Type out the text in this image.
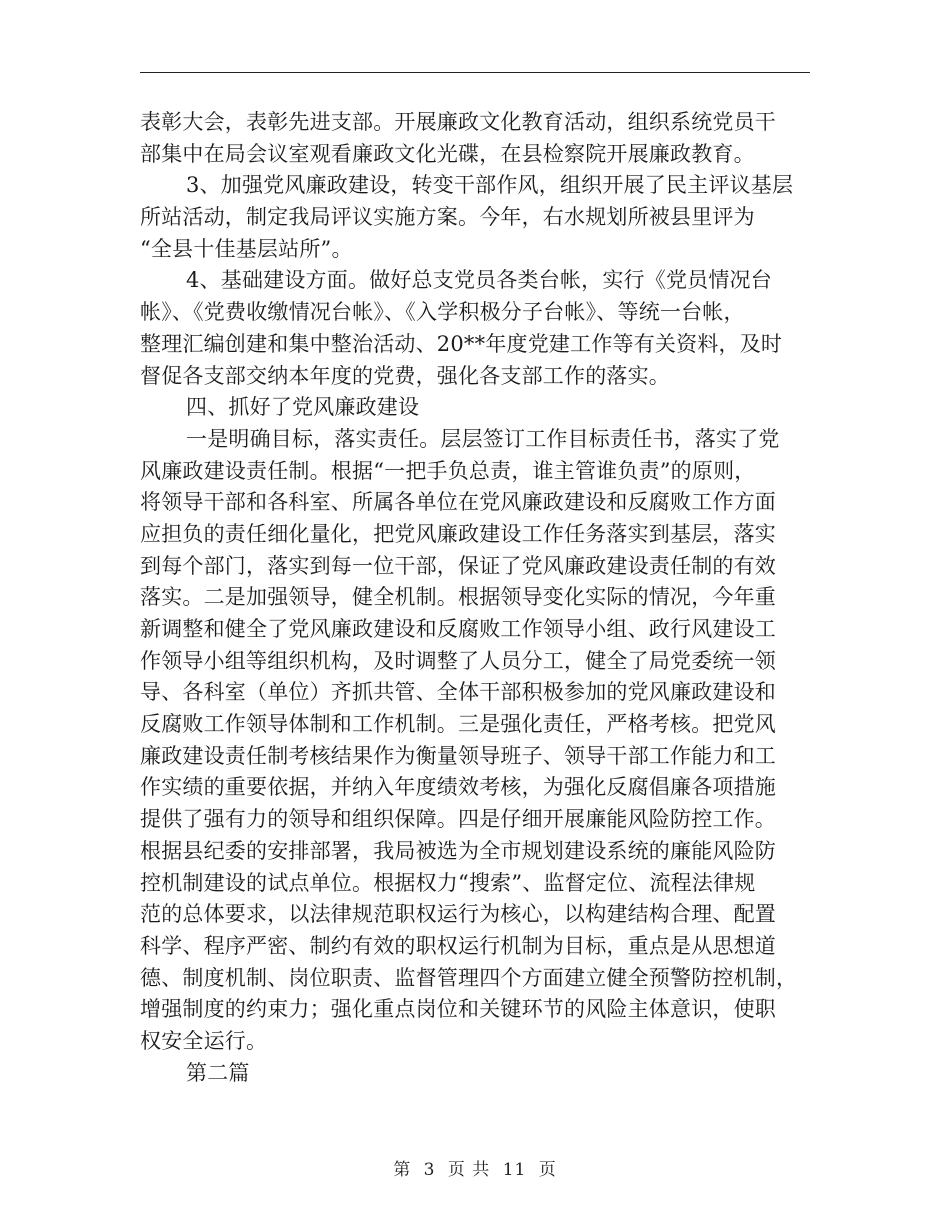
表彰大会，表彰先进支部。开展廉政文化教育活动，组织系统党员干
部集中在局会议室观看廉政文化光碟，在县检察院开展廉政教育。
3、加强党风廉政建设，转变干部作风，组织开展了民主评议基层
所站活动，制定我局评议实施方案。今年，右水规划所被县里评为
“全县十佳基层站所”。
4、基础建设方面。做好总支党员各类台帐，实行《党员情况台
帐》、《党费收缴情况台帐》、《入学积极分子台帐》、等统一台帐，
整理汇编创建和集中整治活动、20**年度党建工作等有关资料，及时
督促各支部交纳本年度的党费，强化各支部工作的落实。
四、抓好了党风廉政建设
一是明确目标，落实责任。层层签订工作目标责任书，落实了党
风廉政建设责任制。根据“一把手负总责，谁主管谁负责”的原则，
将领导干部和各科室、所属各单位在党风廉政建设和反腐败工作方面
应担负的责任细化量化，把党风廉政建设工作任务落实到基层，落实
到每个部门，落实到每一位干部，保证了党风廉政建设责任制的有效
落实。二是加强领导，健全机制。根据领导变化实际的情况，今年重
新调整和健全了党风廉政建设和反腐败工作领导小组、政行风建设工
作领导小组等组织机构，及时调整了人员分工，健全了局党委统一领
导、各科室（单位）齐抓共管、全体干部积极参加的党风廉政建设和
反腐败工作领导体制和工作机制。三是强化责任，严格考核。把党风
廉政建设责任制考核结果作为衡量领导班子、领导干部工作能力和工
作实绩的重要依据，并纳入年度绩效考核，为强化反腐倡廉各项措施
提供了强有力的领导和组织保障。四是仔细开展廉能风险防控工作。
根据县纪委的安排部署，我局被选为全市规划建设系统的廉能风险防
控机制建设的试点单位。根据权力“搜索”、监督定位、流程法律规
范的总体要求，以法律规范职权运行为核心，以构建结构合理、配置
科学、程序严密、制约有效的职权运行机制为目标，重点是从思想道
德、制度机制、岗位职责、监督管理四个方面建立健全预警防控机制，
增强制度的约束力；强化重点岗位和关键环节的风险主体意识，使职
权安全运行。
第二篇
第 3 页 共 11 页
